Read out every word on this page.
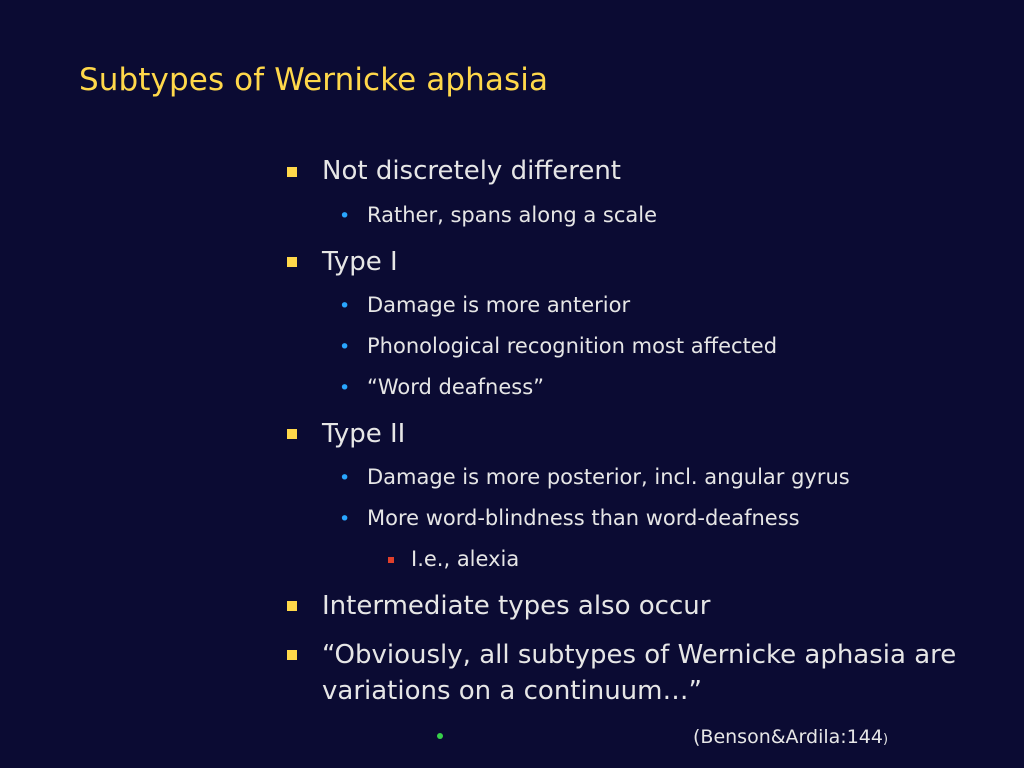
Subtypes of Wernicke aphasia
Not discretely different
• Rather, spans along a scale
Type I
• Damage is more anterior
• Phonological recognition most affected
• “Word deafness”
Type II
• Damage is more posterior, incl. angular gyrus
• More word-blindness than word-deafness
I.e., alexia
Intermediate types also occur
“Obviously, all subtypes of Wernicke aphasia are variations on a continuum…”
(Benson&Ardila:144)
